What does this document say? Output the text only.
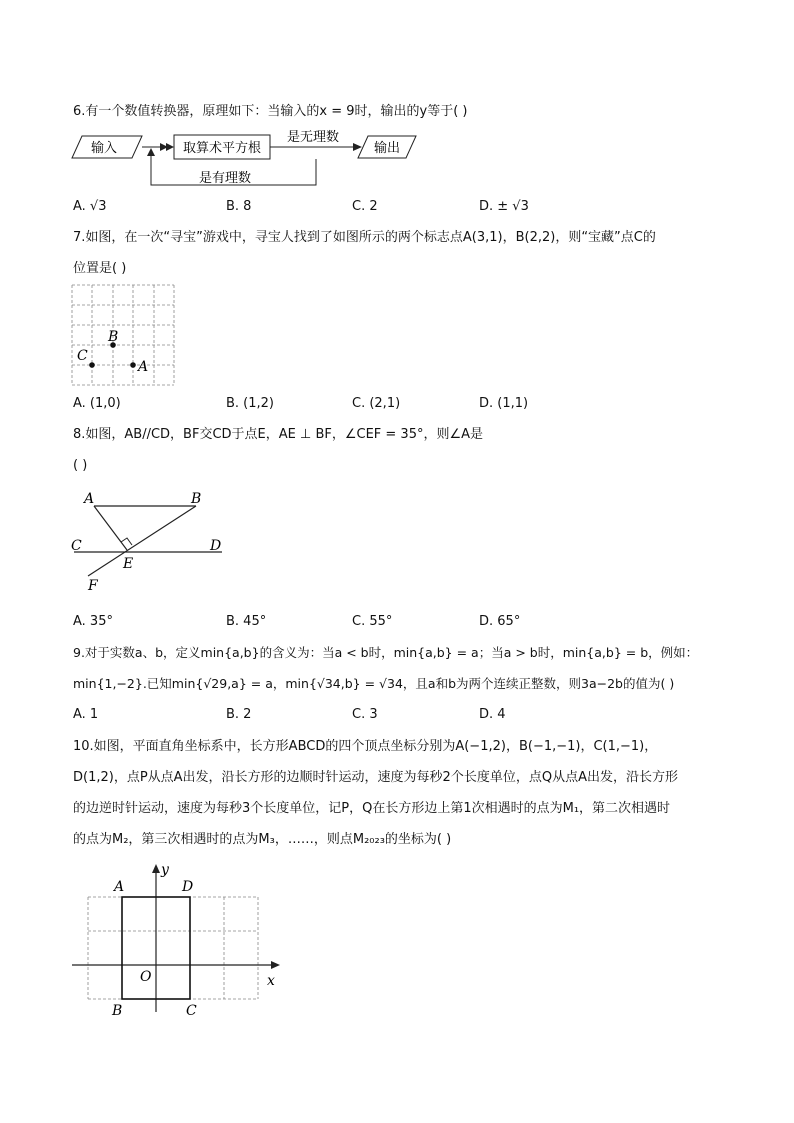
6.有一个数值转换器，原理如下：当输入的x = 9时，输出的y等于( )
输入	取算术平方根
是无理数
输出
是有理数
A. √3	B. 8	C. 2	D. ± √3
7.如图，在一次“寻宝”游戏中，寻宝人找到了如图所示的两个标志点A(3,1)，B(2,2)，则“宝藏”点C的
位置是( )
B
C
A
A. (1,0)	B. (1,2)	C. (2,1)	D. (1,1)
8.如图，AB//CD，BF交CD于点E，AE ⊥ BF，∠CEF = 35°，则∠A是
( )
A	B
C	D
E
F
A. 35°	B. 45°	C. 55°	D. 65°
9.对于实数a、b，定义min{a,b}的含义为：当a < b时，min{a,b} = a；当a > b时，min{a,b} = b，例如：
min{1,−2}.已知min{√29,a} = a，min{√34,b} = √34，且a和b为两个连续正整数，则3a−2b的值为( )
A. 1	B. 2	C. 3	D. 4
10.如图，平面直角坐标系中，长方形ABCD的四个顶点坐标分别为A(−1,2)，B(−1,−1)，C(1,−1)，
D(1,2)，点P从点A出发，沿长方形的边顺时针运动，速度为每秒2个长度单位，点Q从点A出发，沿长方形
的边逆时针运动，速度为每秒3个长度单位，记P，Q在长方形边上第1次相遇时的点为M₁，第二次相遇时
的点为M₂，第三次相遇时的点为M₃，……，则点M₂₀₂₃的坐标为( )
A	D
B	C
O	x
y
